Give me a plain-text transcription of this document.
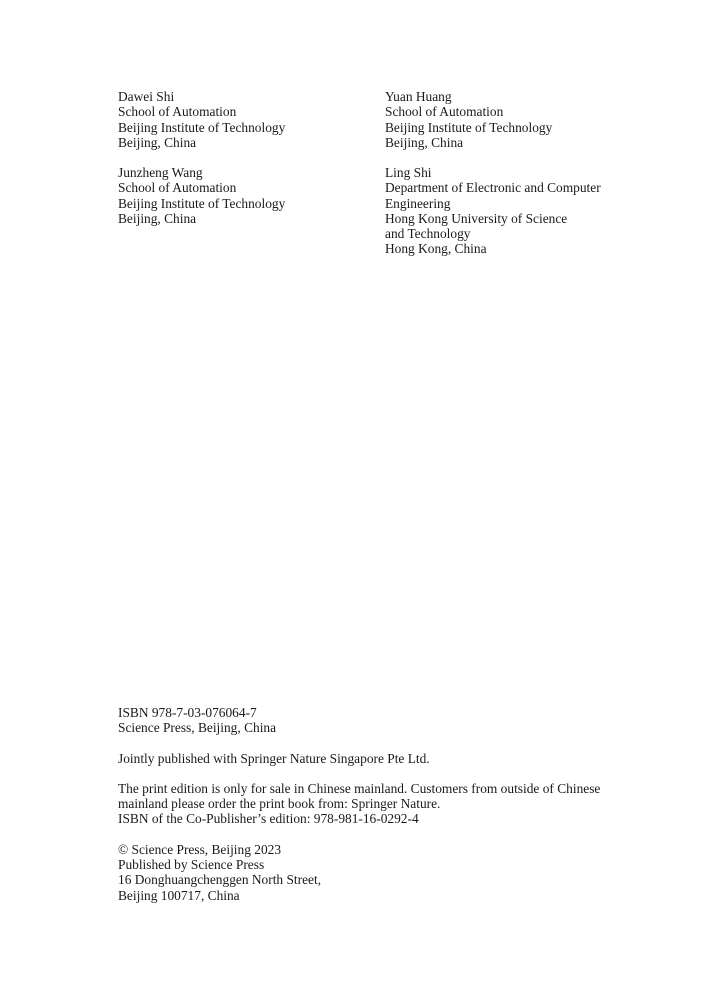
Dawei Shi
School of Automation
Beijing Institute of Technology
Beijing, China
Yuan Huang
School of Automation
Beijing Institute of Technology
Beijing, China
Junzheng Wang
School of Automation
Beijing Institute of Technology
Beijing, China
Ling Shi
Department of Electronic and Computer
Engineering
Hong Kong University of Science
and Technology
Hong Kong, China
ISBN 978-7-03-076064-7
Science Press, Beijing, China
Jointly published with Springer Nature Singapore Pte Ltd.
The print edition is only for sale in Chinese mainland. Customers from outside of Chinese
mainland please order the print book from: Springer Nature.
ISBN of the Co-Publisher’s edition: 978-981-16-0292-4
© Science Press, Beijing 2023
Published by Science Press
16 Donghuangchenggen North Street,
Beijing 100717, China
